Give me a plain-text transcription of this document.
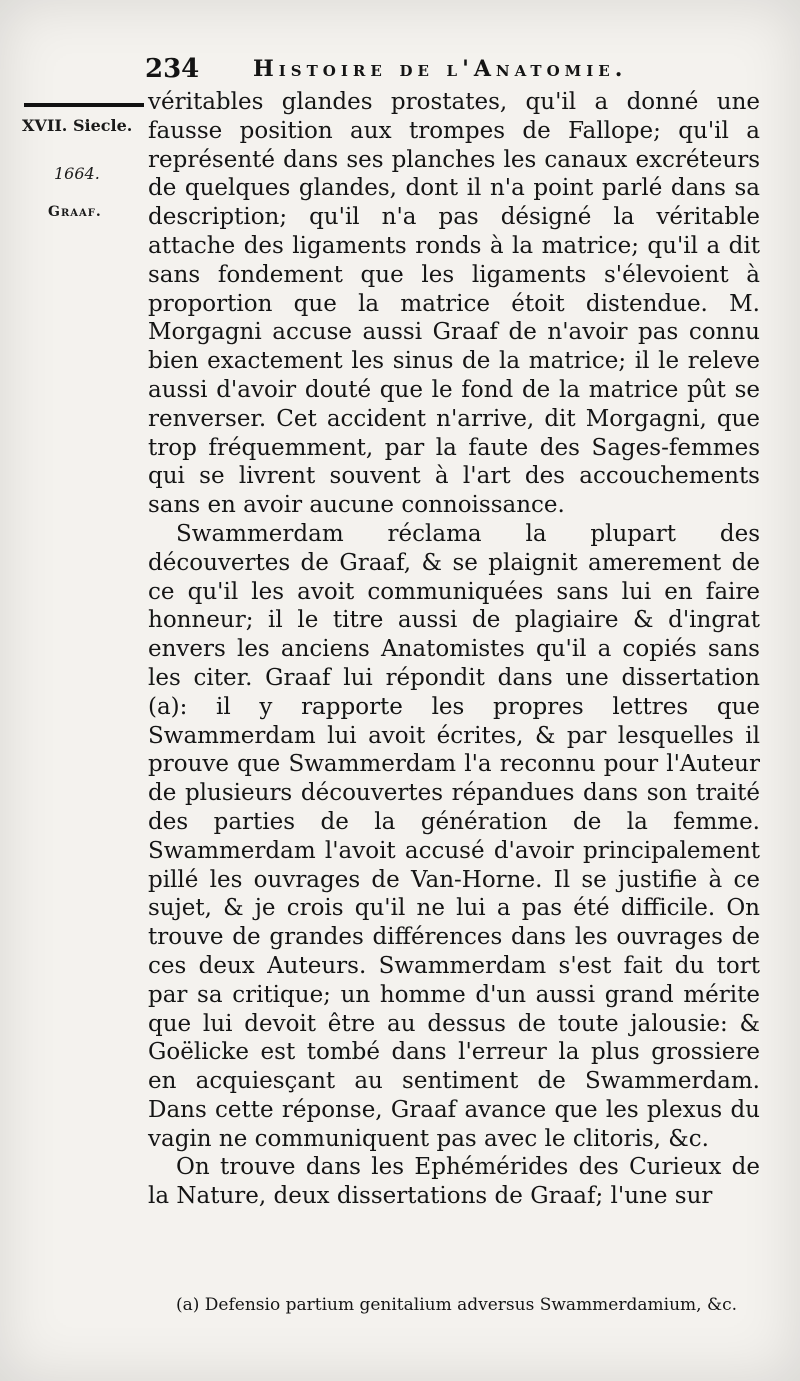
234 Histoire de l'Anatomie.
XVII. Siecle.
1664.
Graaf.

véritables glandes prostates, qu'il a donné une fausse position aux trompes de Fallope; qu'il a représenté dans ses planches les canaux excréteurs de quelques glandes, dont il n'a point parlé dans sa description; qu'il n'a pas désigné la véritable attache des ligaments ronds à la matrice; qu'il a dit sans fondement que les ligaments s'élevoient à proportion que la matrice étoit distendue. M. Morgagni accuse aussi Graaf de n'avoir pas connu bien exactement les sinus de la matrice; il le releve aussi d'avoir douté que le fond de la matrice pût se renverser. Cet accident n'arrive, dit Morgagni, que trop fréquemment, par la faute des Sages-femmes qui se livrent souvent à l'art des accouchements sans en avoir aucune connoissance.

Swammerdam réclama la plupart des découvertes de Graaf, & se plaignit amerement de ce qu'il les avoit communiquées sans lui en faire honneur; il le titre aussi de plagiaire & d'ingrat envers les anciens Anatomistes qu'il a copiés sans les citer. Graaf lui répondit dans une dissertation (a): il y rapporte les propres lettres que Swammerdam lui avoit écrites, & par lesquelles il prouve que Swammerdam l'a reconnu pour l'Auteur de plusieurs découvertes répandues dans son traité des parties de la génération de la femme. Swammerdam l'avoit accusé d'avoir principalement pillé les ouvrages de Van-Horne. Il se justifie à ce sujet, & je crois qu'il ne lui a pas été difficile. On trouve de grandes différences dans les ouvrages de ces deux Auteurs. Swammerdam s'est fait du tort par sa critique; un homme d'un aussi grand mérite que lui devoit être au dessus de toute jalousie: & Goëlicke est tombé dans l'erreur la plus grossiere en acquiesçant au sentiment de Swammerdam. Dans cette réponse, Graaf avance que les plexus du vagin ne communiquent pas avec le clitoris, &c.

On trouve dans les Ephémérides des Curieux de la Nature, deux dissertations de Graaf; l'une sur

(a) Defensio partium genitalium adversus Swammerdamium, &c.
